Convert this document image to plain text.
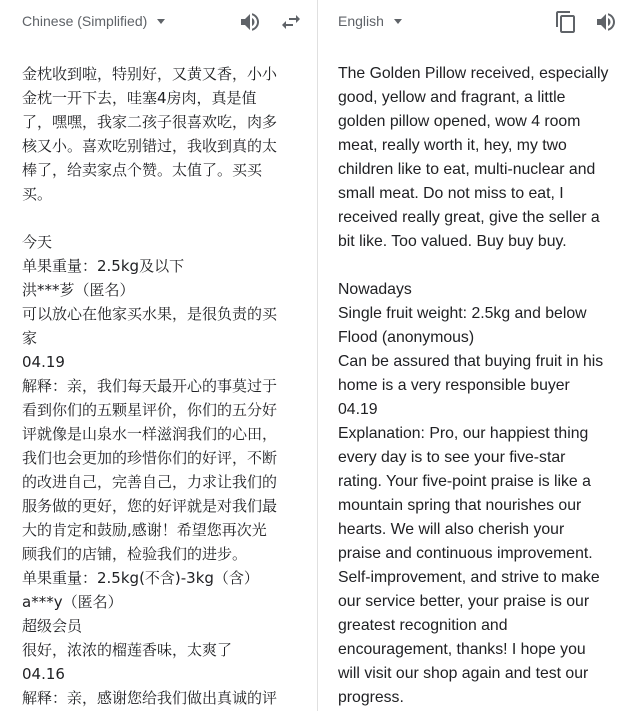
Chinese (Simplified)
金枕收到啦，特别好，又黄又香，小小
金枕一开下去，哇塞4房肉，真是值
了，嘿嘿，我家二孩子很喜欢吃，肉多
核又小。喜欢吃别错过，我收到真的太
棒了，给卖家点个赞。太值了。买买
买。

今天
单果重量：2.5kg及以下
洪***芗（匿名）
可以放心在他家买水果，是很负责的买
家
04.19
解释：亲，我们每天最开心的事莫过于
看到你们的五颗星评价，你们的五分好
评就像是山泉水一样滋润我们的心田，
我们也会更加的珍惜你们的好评，不断
的改进自己，完善自己，力求让我们的
服务做的更好，您的好评就是对我们最
大的肯定和鼓励,感谢！希望您再次光
顾我们的店铺，检验我们的进步。
单果重量：2.5kg(不含)-3kg（含）
a***y（匿名）
超级会员
很好，浓浓的榴莲香味，太爽了
04.16
解释：亲，感谢您给我们做出真诚的评
English
The Golden Pillow received, especially
good, yellow and fragrant, a little
golden pillow opened, wow 4 room
meat, really worth it, hey, my two
children like to eat, multi-nuclear and
small meat. Do not miss to eat, I
received really great, give the seller a
bit like. Too valued. Buy buy buy.

Nowadays
Single fruit weight: 2.5kg and below
Flood (anonymous)
Can be assured that buying fruit in his
home is a very responsible buyer
04.19
Explanation: Pro, our happiest thing
every day is to see your five-star
rating. Your five-point praise is like a
mountain spring that nourishes our
hearts. We will also cherish your
praise and continuous improvement.
Self-improvement, and strive to make
our service better, your praise is our
greatest recognition and
encouragement, thanks! I hope you
will visit our shop again and test our
progress.
